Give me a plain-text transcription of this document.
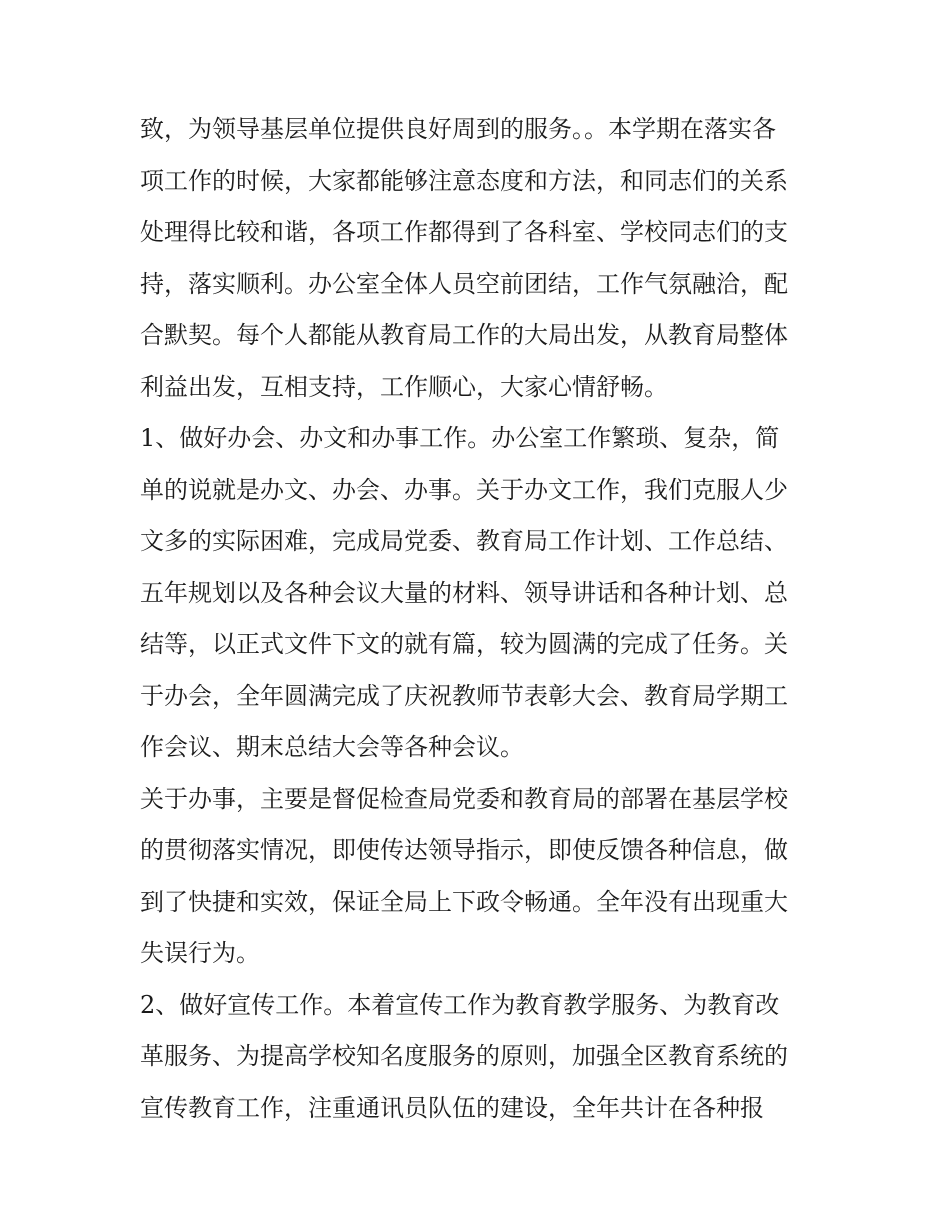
致，为领导基层单位提供良好周到的服务。。本学期在落实各
项工作的时候，大家都能够注意态度和方法，和同志们的关系
处理得比较和谐，各项工作都得到了各科室、学校同志们的支
持，落实顺利。办公室全体人员空前团结，工作气氛融洽，配
合默契。每个人都能从教育局工作的大局出发，从教育局整体
利益出发，互相支持，工作顺心，大家心情舒畅。
1、做好办会、办文和办事工作。办公室工作繁琐、复杂，简
单的说就是办文、办会、办事。关于办文工作，我们克服人少
文多的实际困难，完成局党委、教育局工作计划、工作总结、
五年规划以及各种会议大量的材料、领导讲话和各种计划、总
结等，以正式文件下文的就有篇，较为圆满的完成了任务。关
于办会，全年圆满完成了庆祝教师节表彰大会、教育局学期工
作会议、期末总结大会等各种会议。
关于办事，主要是督促检查局党委和教育局的部署在基层学校
的贯彻落实情况，即使传达领导指示，即使反馈各种信息，做
到了快捷和实效，保证全局上下政令畅通。全年没有出现重大
失误行为。
2、做好宣传工作。本着宣传工作为教育教学服务、为教育改
革服务、为提高学校知名度服务的原则，加强全区教育系统的
宣传教育工作，注重通讯员队伍的建设，全年共计在各种报
